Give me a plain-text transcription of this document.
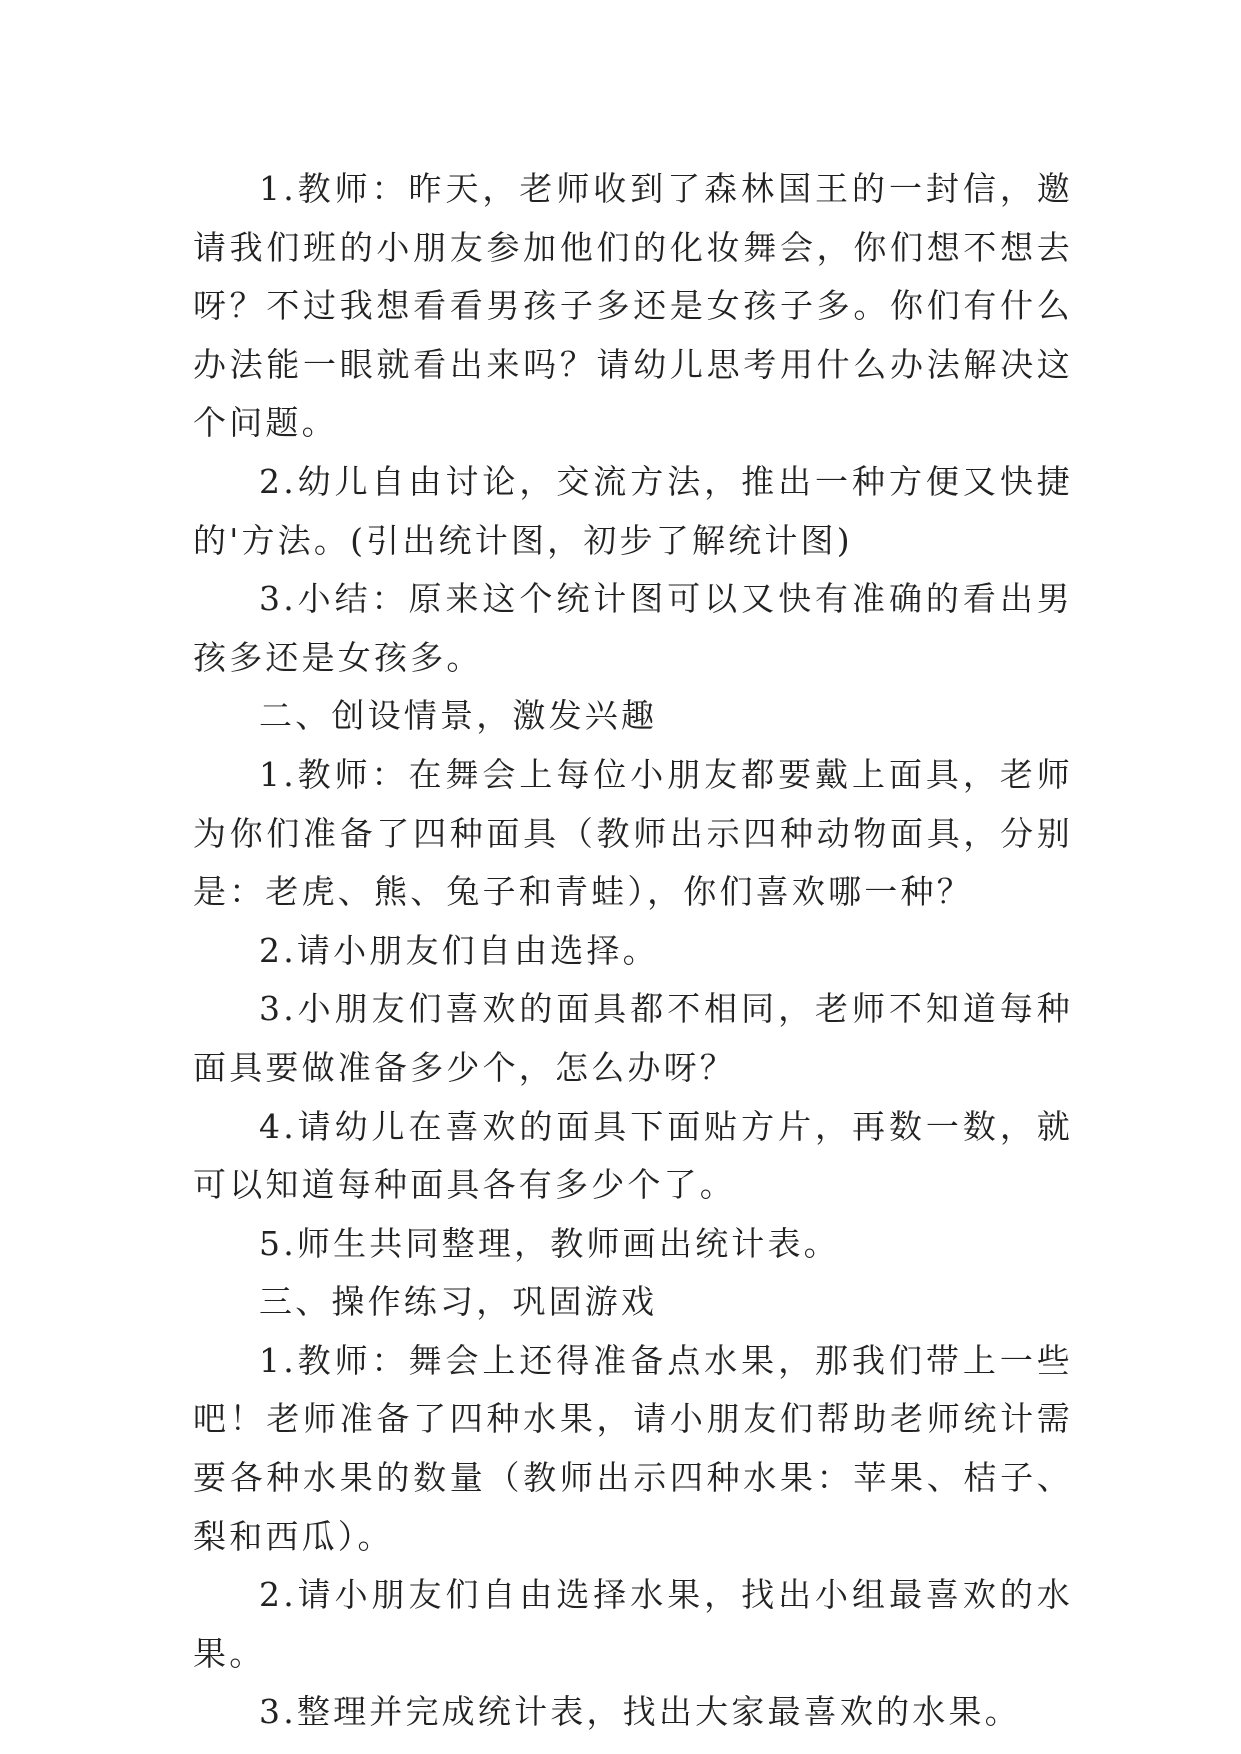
1.教师：昨天，老师收到了森林国王的一封信，邀请我们班的小朋友参加他们的化妆舞会，你们想不想去呀？不过我想看看男孩子多还是女孩子多。你们有什么办法能一眼就看出来吗？请幼儿思考用什么办法解决这个问题。

2.幼儿自由讨论，交流方法，推出一种方便又快捷的'方法。(引出统计图，初步了解统计图)

3.小结：原来这个统计图可以又快有准确的看出男孩多还是女孩多。

二、创设情景，激发兴趣

1.教师：在舞会上每位小朋友都要戴上面具，老师为你们准备了四种面具（教师出示四种动物面具，分别是：老虎、熊、兔子和青蛙），你们喜欢哪一种？

2.请小朋友们自由选择。

3.小朋友们喜欢的面具都不相同，老师不知道每种面具要做准备多少个，怎么办呀？

4.请幼儿在喜欢的面具下面贴方片，再数一数，就可以知道每种面具各有多少个了。

5.师生共同整理，教师画出统计表。

三、操作练习，巩固游戏

1.教师：舞会上还得准备点水果，那我们带上一些吧！老师准备了四种水果，请小朋友们帮助老师统计需要各种水果的数量（教师出示四种水果：苹果、桔子、梨和西瓜）。

2.请小朋友们自由选择水果，找出小组最喜欢的水果。

3.整理并完成统计表，找出大家最喜欢的水果。
